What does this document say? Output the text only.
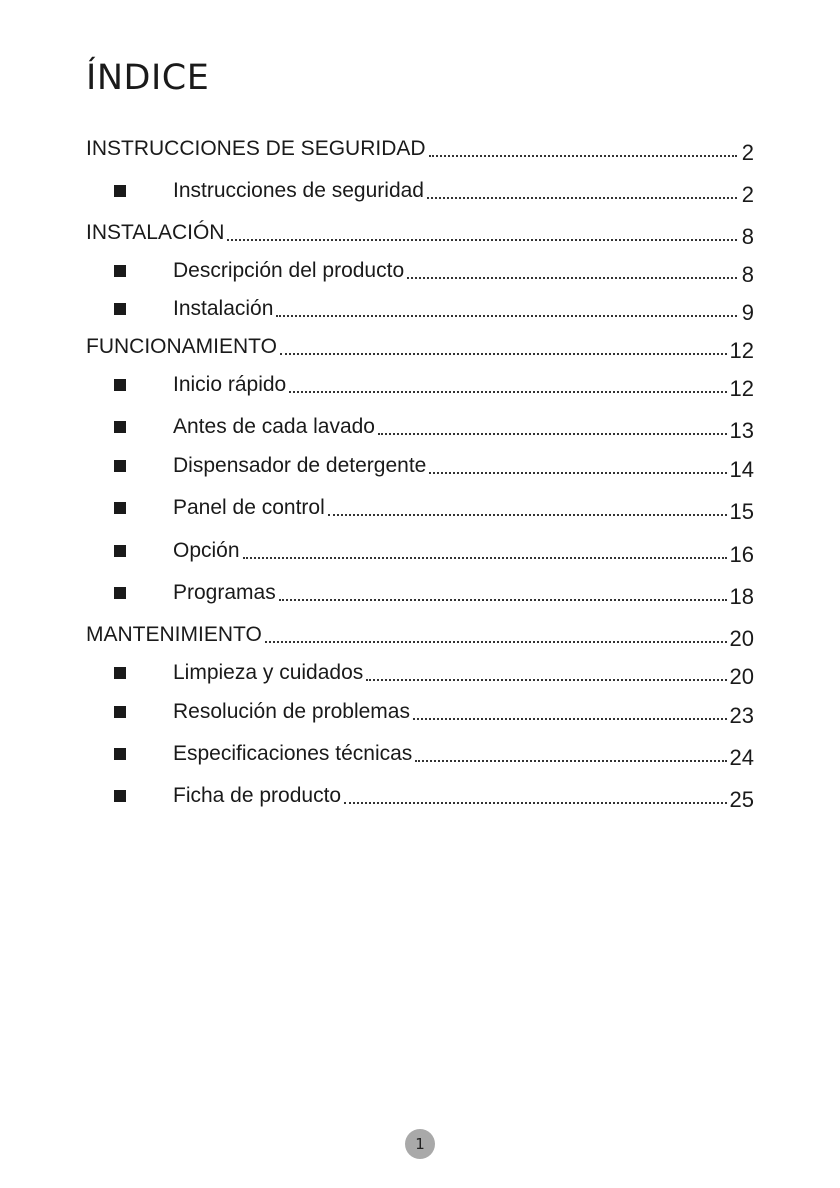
ÍNDICE
INSTRUCCIONES DE SEGURIDAD	2
Instrucciones de seguridad	2
INSTALACIÓN	8
Descripción del producto	8
Instalación	9
FUNCIONAMIENTO	12
Inicio rápido	12
Antes de cada lavado	13
Dispensador de detergente	14
Panel de control	15
Opción	16
Programas	18
MANTENIMIENTO	20
Limpieza y cuidados	20
Resolución de problemas	23
Especificaciones técnicas	24
Ficha de producto	25
1
